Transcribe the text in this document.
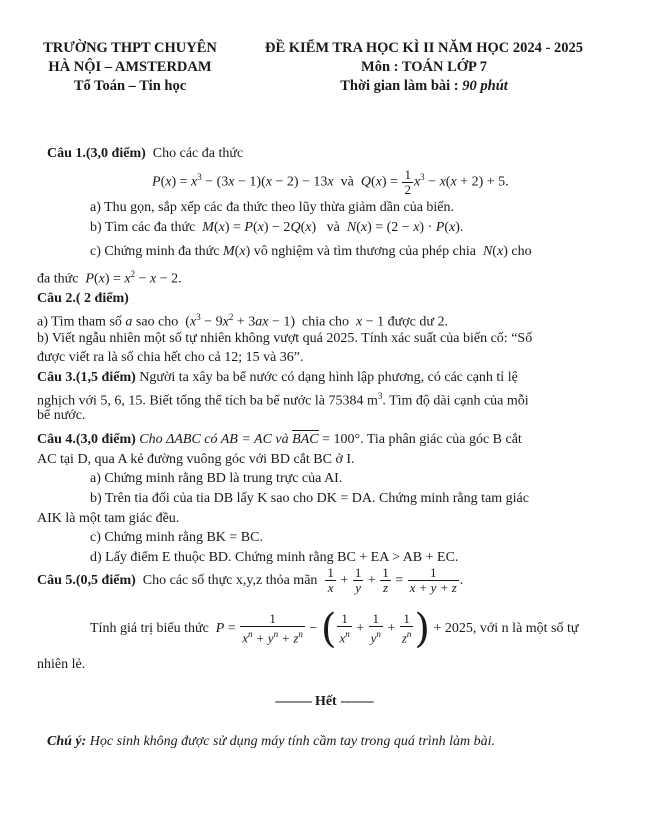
TRƯỜNG THPT CHUYÊN
HÀ NỘI – AMSTERDAM
Tổ Toán – Tin học
ĐỀ KIỂM TRA HỌC KÌ II NĂM HỌC 2024 - 2025
Môn : TOÁN LỚP 7
Thời gian làm bài : 90 phút
Câu 1.(3,0 điểm) Cho các đa thức
$P(x) = x^3 - (3x - 1)(x - 2) - 13x$  và  $Q(x) = \frac{1}{2} x^3 - x(x + 2) + 5$.
a) Thu gọn, sắp xếp các đa thức theo lũy thừa giảm dần của biến.
b) Tìm các đa thức M(x) = P(x) − 2Q(x)   và N(x) = (2 − x) · P(x).
c) Chứng minh đa thức M(x) vô nghiệm và tìm thương của phép chia N(x) cho
đa thức $P(x) = x^2 - x - 2$.
Câu 2.( 2 điểm)
a) Tìm tham số a sao cho  $(x^3 - 9x^2 + 3ax - 1)$  chia cho x − 1 được dư 2.
b) Viết ngẫu nhiên một số tự nhiên không vượt quá 2025. Tính xác suất của biến cố: “Số
được viết ra là số chia hết cho cả 12; 15 và 36”.
Câu 3.(1,5 điểm) Người ta xây ba bể nước có dạng hình lập phương, có các cạnh tỉ lệ
nghịch với 5, 6, 15. Biết tổng thể tích ba bể nước là 75384 $m^3$. Tìm độ dài cạnh của mỗi
bể nước.
Câu 4.(3,0 điểm) Cho ΔABC có AB = AC và BAC = 100°. Tia phân giác của góc B cắt
AC tại D, qua A kẻ đường vuông góc với BD cắt BC ở I.
a) Chứng minh rằng BD là trung trực của AI.
b) Trên tia đối của tia DB lấy K sao cho DK = DA. Chứng minh rằng tam giác
AIK là một tam giác đều.
c) Chứng minh rằng BK = BC.
d) Lấy điểm E thuộc BD. Chứng minh rằng BC + EA > AB + EC.
Câu 5.(0,5 điểm) Cho các số thực x,y,z thỏa mãn $\frac{1}{x} + \frac{1}{y} + \frac{1}{z} = \frac{1}{x + y + z}$ .
Tính giá trị biểu thức $P = \frac{1}{x^n + y^n + z^n}$ − ( $\frac{1}{x^n} + \frac{1}{y^n} + \frac{1}{z^n}$ ) + 2025, với n là một số tự
nhiên lẻ.
---------- Hết ---------
Chú ý: Học sinh không được sử dụng máy tính cầm tay trong quá trình làm bài.
